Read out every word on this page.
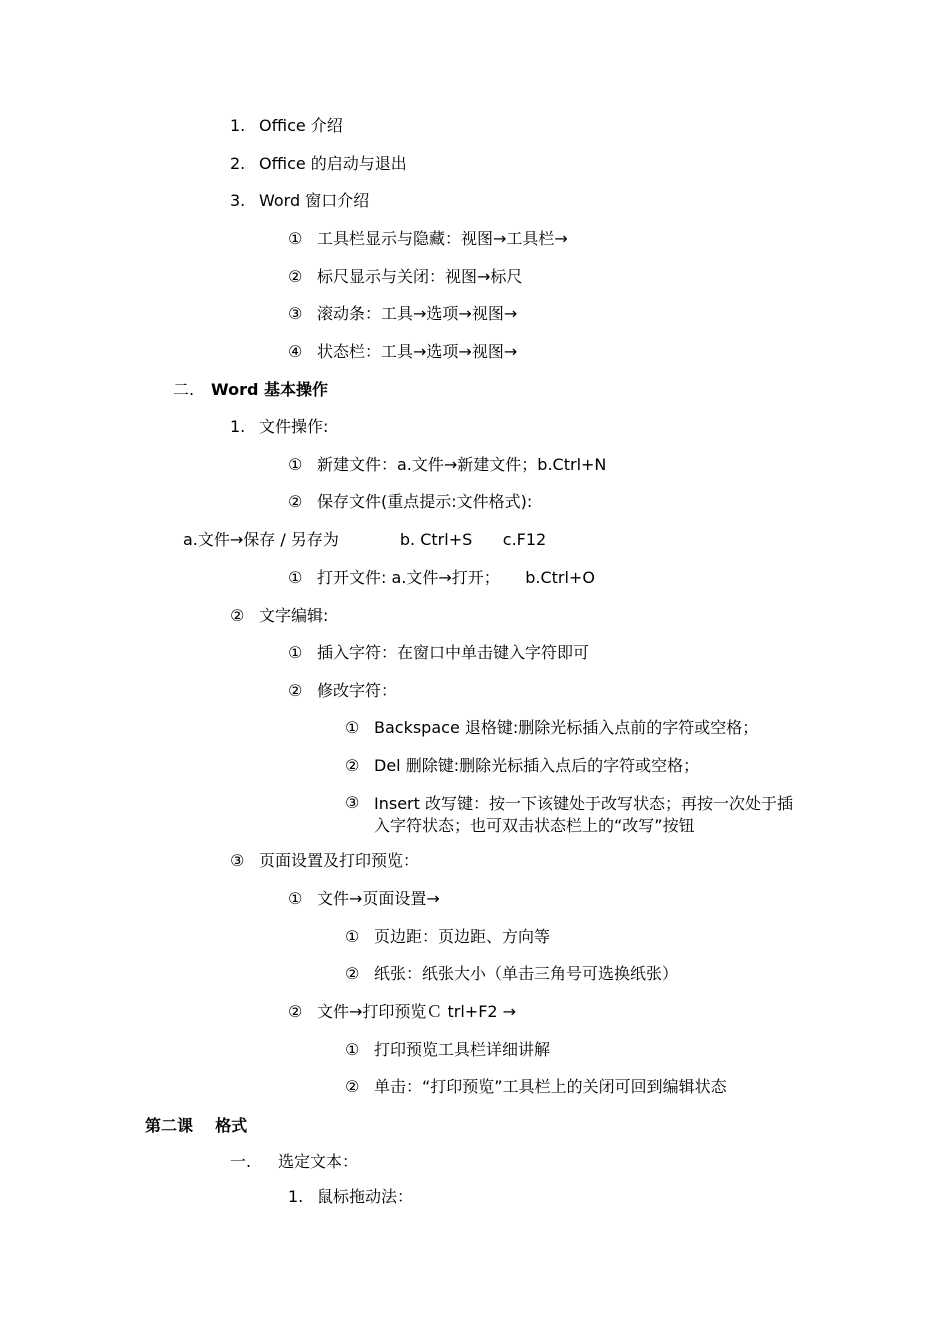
1. Office 介绍
2. Office 的启动与退出
3. Word 窗口介绍
① 工具栏显示与隐藏：视图→工具栏→
② 标尺显示与关闭：视图→标尺
③ 滚动条：工具→选项→视图→
④ 状态栏：工具→选项→视图→
二. Word 基本操作
1. 文件操作:
① 新建文件：a.文件→新建文件；b.Ctrl+N
② 保存文件(重点提示:文件格式):
a.文件→保存 / 另存为            b. Ctrl+S      c.F12
① 打开文件: a.文件→打开；     b.Ctrl+O
② 文字编辑:
① 插入字符：在窗口中单击键入字符即可
② 修改字符：
① Backspace 退格键:删除光标插入点前的字符或空格；
② Del 删除键:删除光标插入点后的字符或空格；
③ Insert 改写键：按一下该键处于改写状态；再按一次处于插入字符状态；也可双击状态栏上的“改写”按钮
③ 页面设置及打印预览：
① 文件→页面设置→
① 页边距：页边距、方向等
② 纸张：纸张大小（单击三角号可选换纸张）
② 文件→打印预览Ｃ trl+F2 →
① 打印预览工具栏详细讲解
② 单击：“打印预览”工具栏上的关闭可回到编辑状态
第二课    格式
一. 选定文本：
1. 鼠标拖动法：
